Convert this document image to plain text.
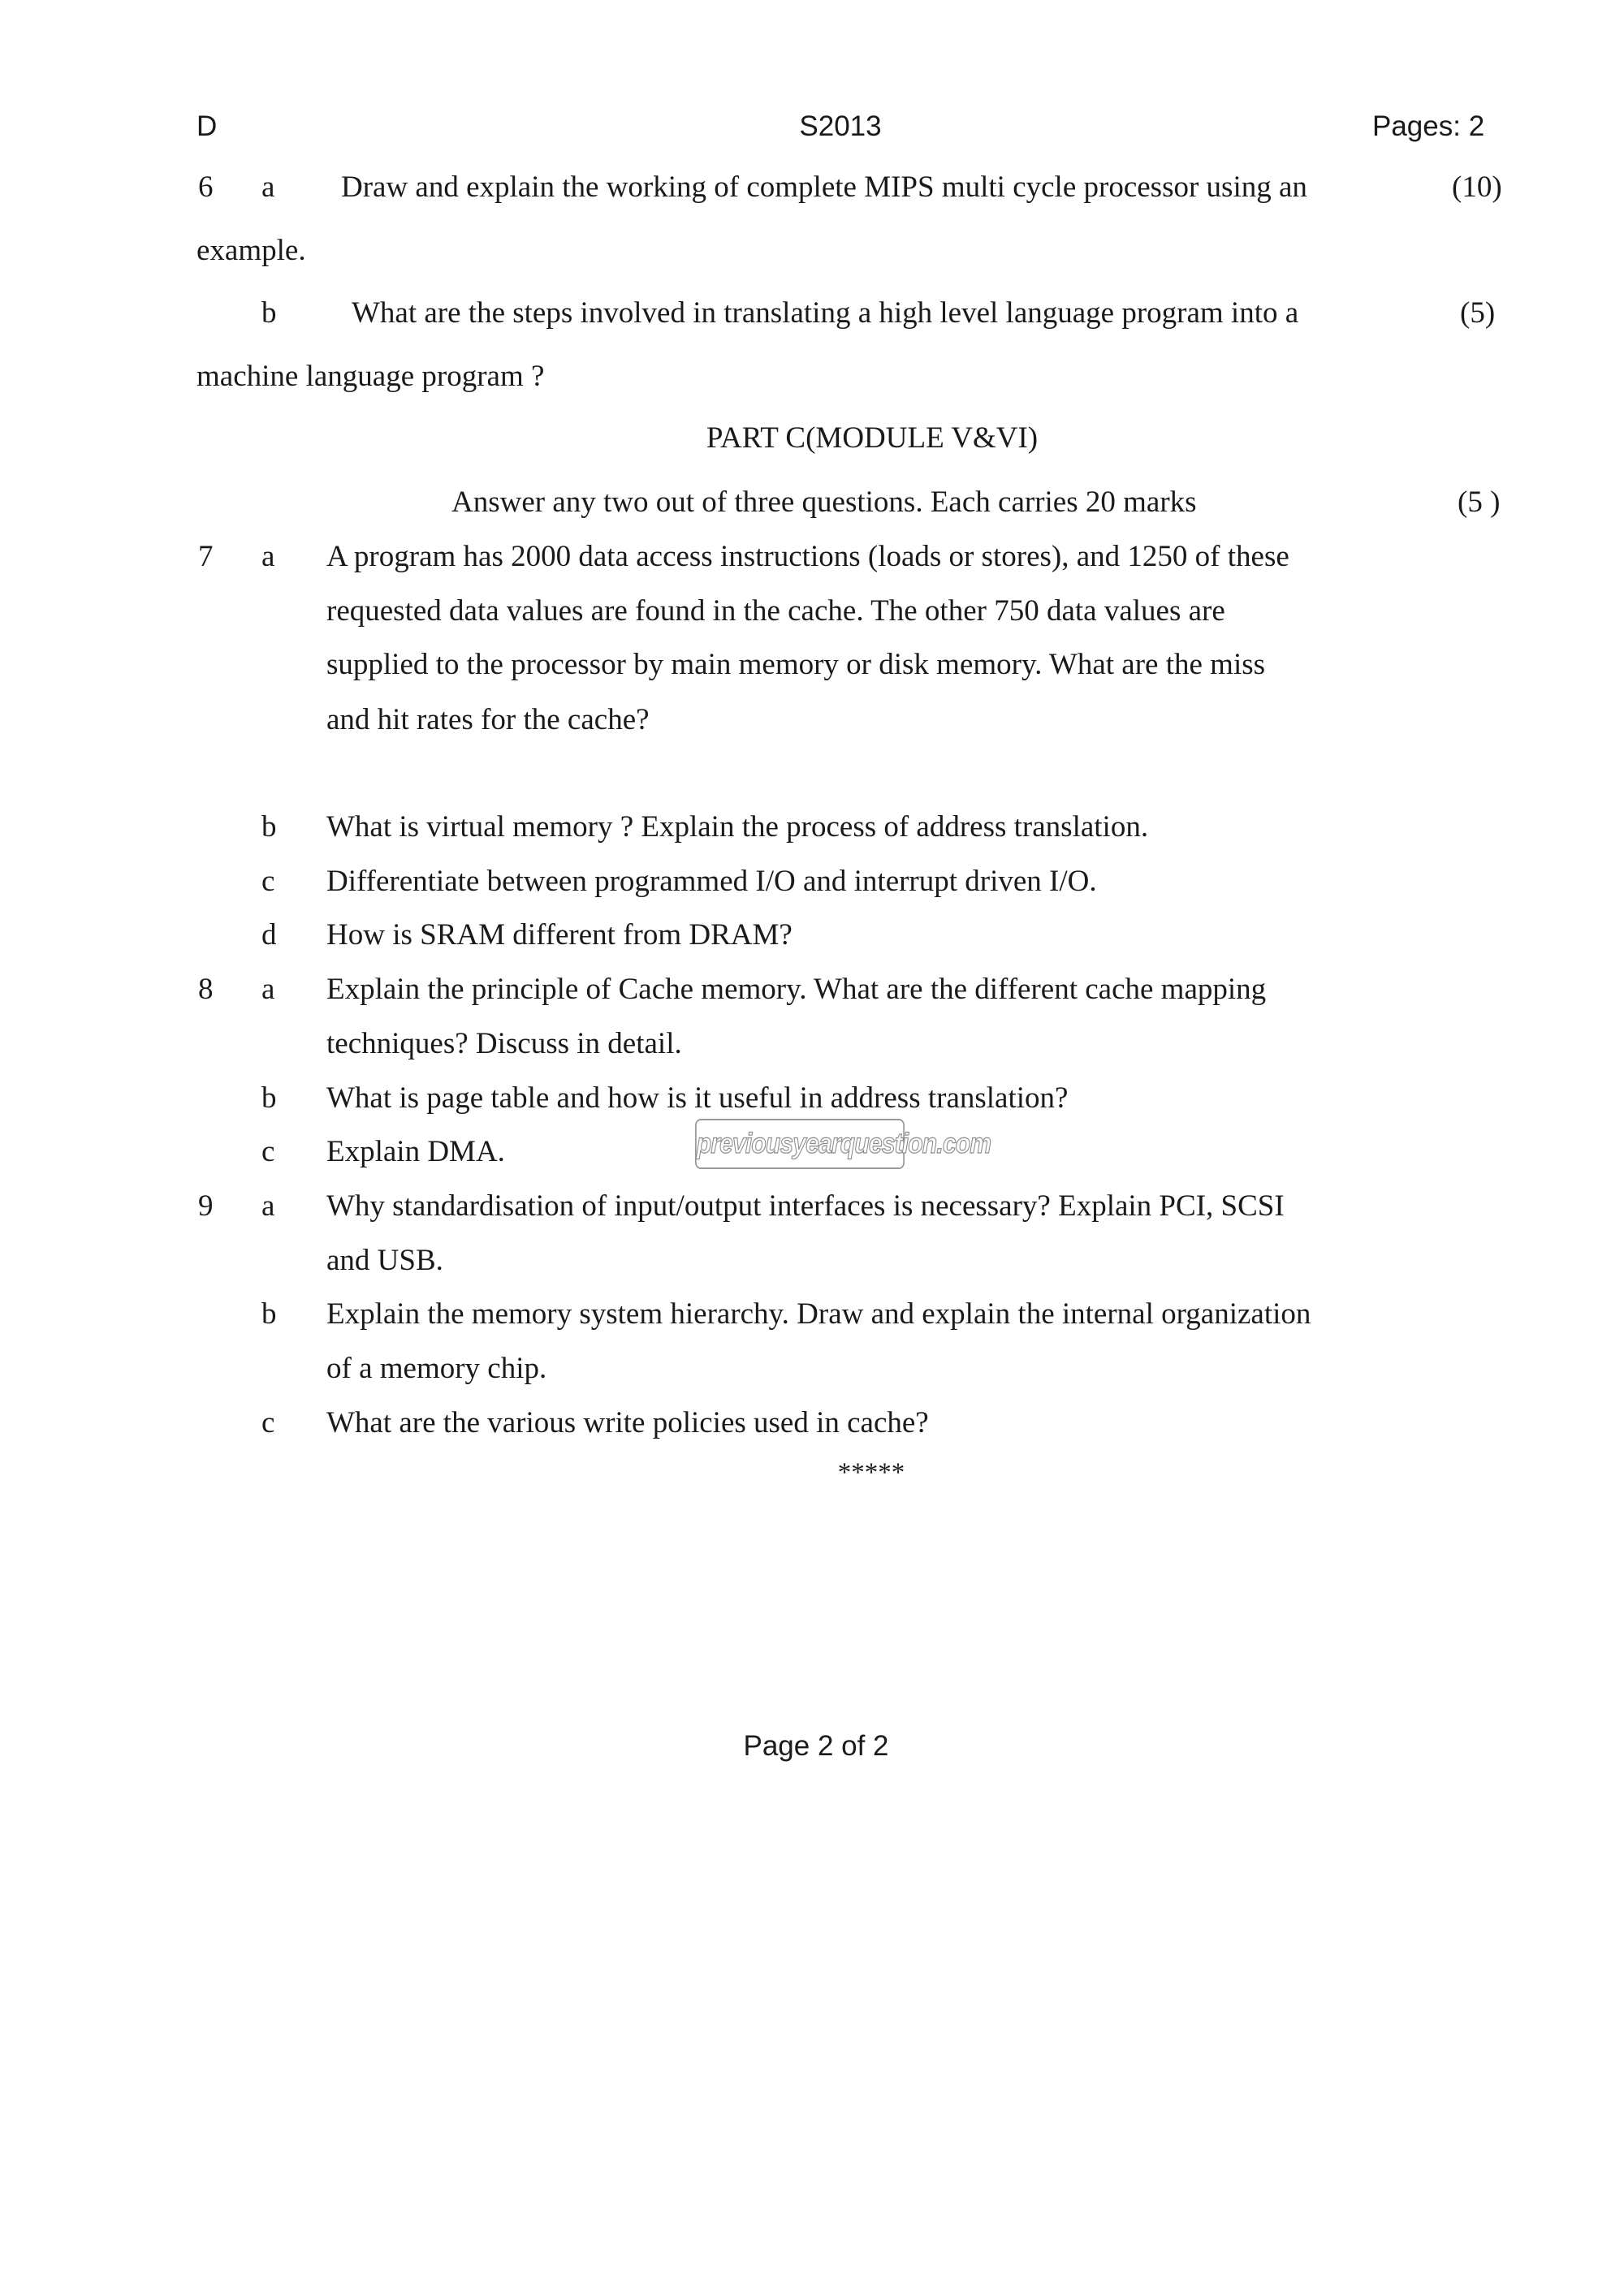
D	S2013	Pages: 2
6 a Draw and explain the working of complete MIPS multi cycle processor using an	(10)
example.
b	What are the steps involved in translating a high level language program into a	(5)
machine language program ?
PART C(MODULE V&VI)
Answer any two out of three questions. Each carries 20 marks	(5 )
7 a A program has 2000 data access instructions (loads or stores), and 1250 of these
requested data values are found in the cache. The other 750 data values are
supplied to the processor by main memory or disk memory. What are the miss
and hit rates for the cache?
b What is virtual memory ? Explain the process of address translation.
c Differentiate between programmed I/O and interrupt driven I/O.
d How is SRAM different from DRAM?
8 a Explain the principle of Cache memory. What are the different cache mapping
techniques? Discuss in detail.
b What is page table and how is it useful in address translation?
c Explain DMA.	previousyearquestion.com
9 a Why standardisation of input/output interfaces is necessary? Explain PCI, SCSI
and USB.
b Explain the memory system hierarchy. Draw and explain the internal organization
of a memory chip.
c What are the various write policies used in cache?
*****
Page 2 of 2
